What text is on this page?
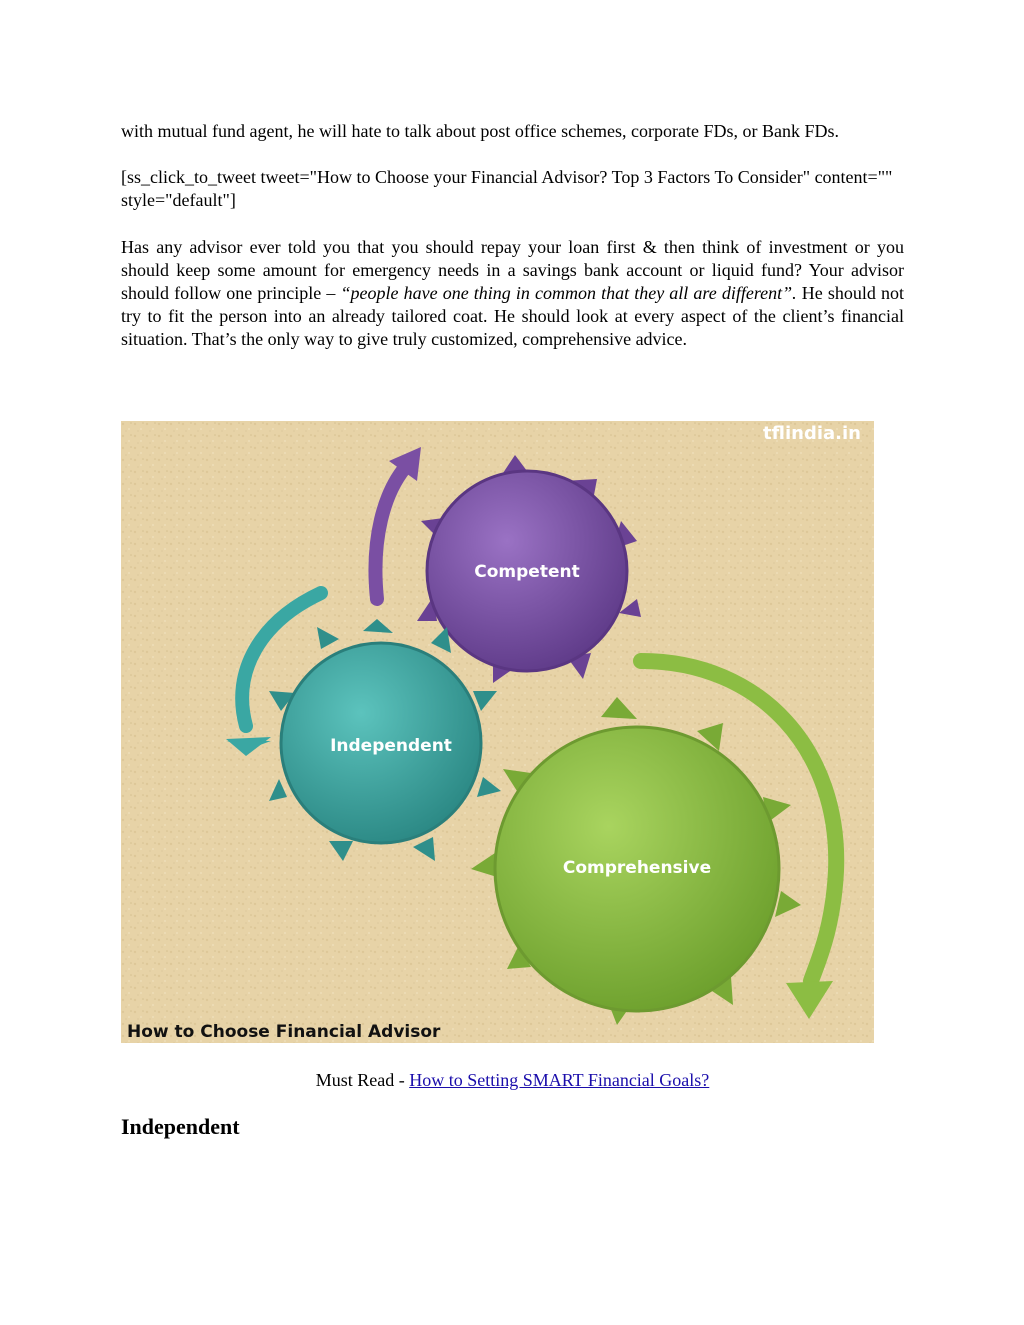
with mutual fund agent, he will hate to talk about post office schemes, corporate FDs, or Bank FDs.

[ss_click_to_tweet tweet="How to Choose your Financial Advisor? Top 3 Factors To Consider" content="" style="default"]

Has any advisor ever told you that you should repay your loan first & then think of investment or you should keep some amount for emergency needs in a savings bank account or liquid fund? Your advisor should follow one principle – “people have one thing in common that they all are different”. He should not try to fit the person into an already tailored coat. He should look at every aspect of the client’s financial situation. That’s the only way to give truly customized, comprehensive advice.

tflindia.in
Competent
Independent
Comprehensive
How to Choose Financial Advisor
Must Read - How to Setting SMART Financial Goals?
Independent
